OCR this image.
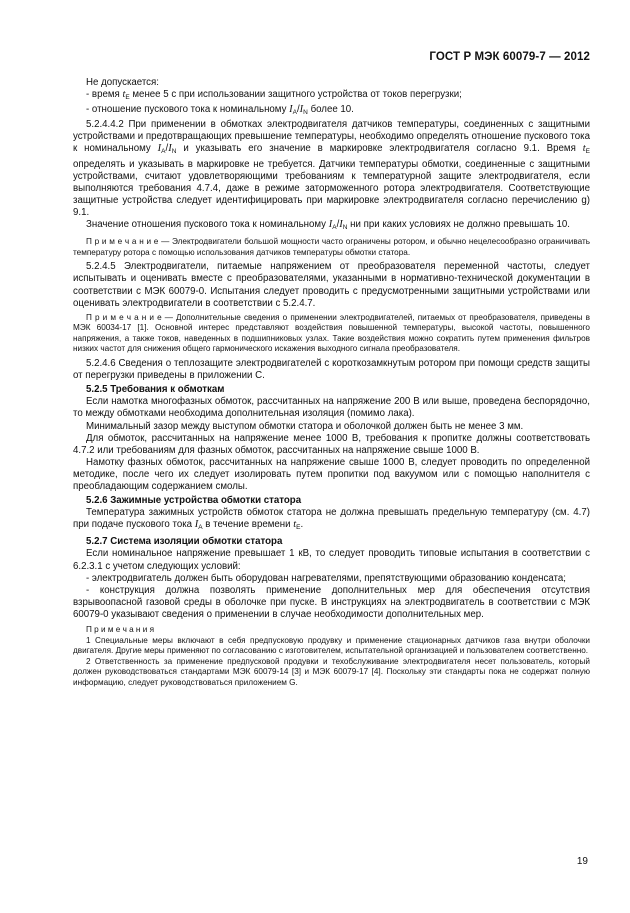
ГОСТ Р МЭК 60079-7 — 2012

Не допускается:

- время $t_E$ менее 5 с при использовании защитного устройства от токов перегрузки;

- отношение пускового тока к номинальному $I_A/I_N$ более 10.

5.2.4.4.2 При применении в обмотках электродвигателя датчиков температуры, соединенных с защитными устройствами и предотвращающих превышение температуры, необходимо определять отношение пускового тока к номинальному $I_A/I_N$ и указывать его значение в маркировке электродвигателя согласно 9.1. Время $t_E$ определять и указывать в маркировке не требуется. Датчики температуры обмотки, соединенные с защитными устройствами, считают удовлетворяющими требованиям к температурной защите электродвигателя, если выполняются требования 4.7.4, даже в режиме заторможенного ротора электродвигателя. Соответствующие защитные устройства следует идентифицировать при маркировке электродвигателя согласно перечислению g) 9.1.

Значение отношения пускового тока к номинальному $I_A/I_N$ ни при каких условиях не должно превышать 10.

П р и м е ч а н и е — Электродвигатели большой мощности часто ограничены ротором, и обычно нецелесообразно ограничивать температуру ротора с помощью использования датчиков температуры обмотки статора.

5.2.4.5 Электродвигатели, питаемые напряжением от преобразователя переменной частоты, следует испытывать и оценивать вместе с преобразователями, указанными в нормативно-технической документации в соответствии с МЭК 60079-0. Испытания следует проводить с предусмотренными защитными устройствами или оценивать электродвигатели в соответствии с 5.2.4.7.

П р и м е ч а н и е — Дополнительные сведения о применении электродвигателей, питаемых от преобразователя, приведены в МЭК 60034-17 [1]. Основной интерес представляют воздействия повышенной температуры, высокой частоты, повышенного напряжения, а также токов, наведенных в подшипниковых узлах. Такие воздействия можно сократить путем применения фильтров низких частот для снижения общего гармонического искажения выходного сигнала преобразователя.

5.2.4.6 Сведения о теплозащите электродвигателей с короткозамкнутым ротором при помощи средств защиты от перегрузки приведены в приложении С.

5.2.5 Требования к обмоткам

Если намотка многофазных обмоток, рассчитанных на напряжение 200 В или выше, проведена беспорядочно, то между обмотками необходима дополнительная изоляция (помимо лака).

Минимальный зазор между выступом обмотки статора и оболочкой должен быть не менее 3 мм.

Для обмоток, рассчитанных на напряжение менее 1000 В, требования к пропитке должны соответствовать 4.7.2 или требованиям для фазных обмоток, рассчитанных на напряжение свыше 1000 В.

Намотку фазных обмоток, рассчитанных на напряжение свыше 1000 В, следует проводить по определенной методике, после чего их следует изолировать путем пропитки под вакуумом или с помощью наполнителя с преобладающим содержанием смолы.

5.2.6 Зажимные устройства обмотки статора

Температура зажимных устройств обмоток статора не должна превышать предельную температуру (см. 4.7) при подаче пускового тока $I_A$ в течение времени $t_E$.

5.2.7 Система изоляции обмотки статора

Если номинальное напряжение превышает 1 кВ, то следует проводить типовые испытания в соответствии с 6.2.3.1 с учетом следующих условий:

- электродвигатель должен быть оборудован нагревателями, препятствующими образованию конденсата;

- конструкция должна позволять применение дополнительных мер для обеспечения отсутствия взрывоопасной газовой среды в оболочке при пуске. В инструкциях на электродвигатель в соответствии с МЭК 60079-0 указывают сведения о применении в случае необходимости дополнительных мер.

П р и м е ч а н и я

1 Специальные меры включают в себя предпусковую продувку и применение стационарных датчиков газа внутри оболочки двигателя. Другие меры применяют по согласованию с изготовителем, испытательной организацией и пользователем соответственно.

2 Ответственность за применение предпусковой продувки и техобслуживание электродвигателя несет пользователь, который должен руководствоваться стандартами МЭК 60079-14 [3] и МЭК 60079-17 [4]. Поскольку эти стандарты пока не содержат полную информацию, следует руководствоваться приложением G.

19
